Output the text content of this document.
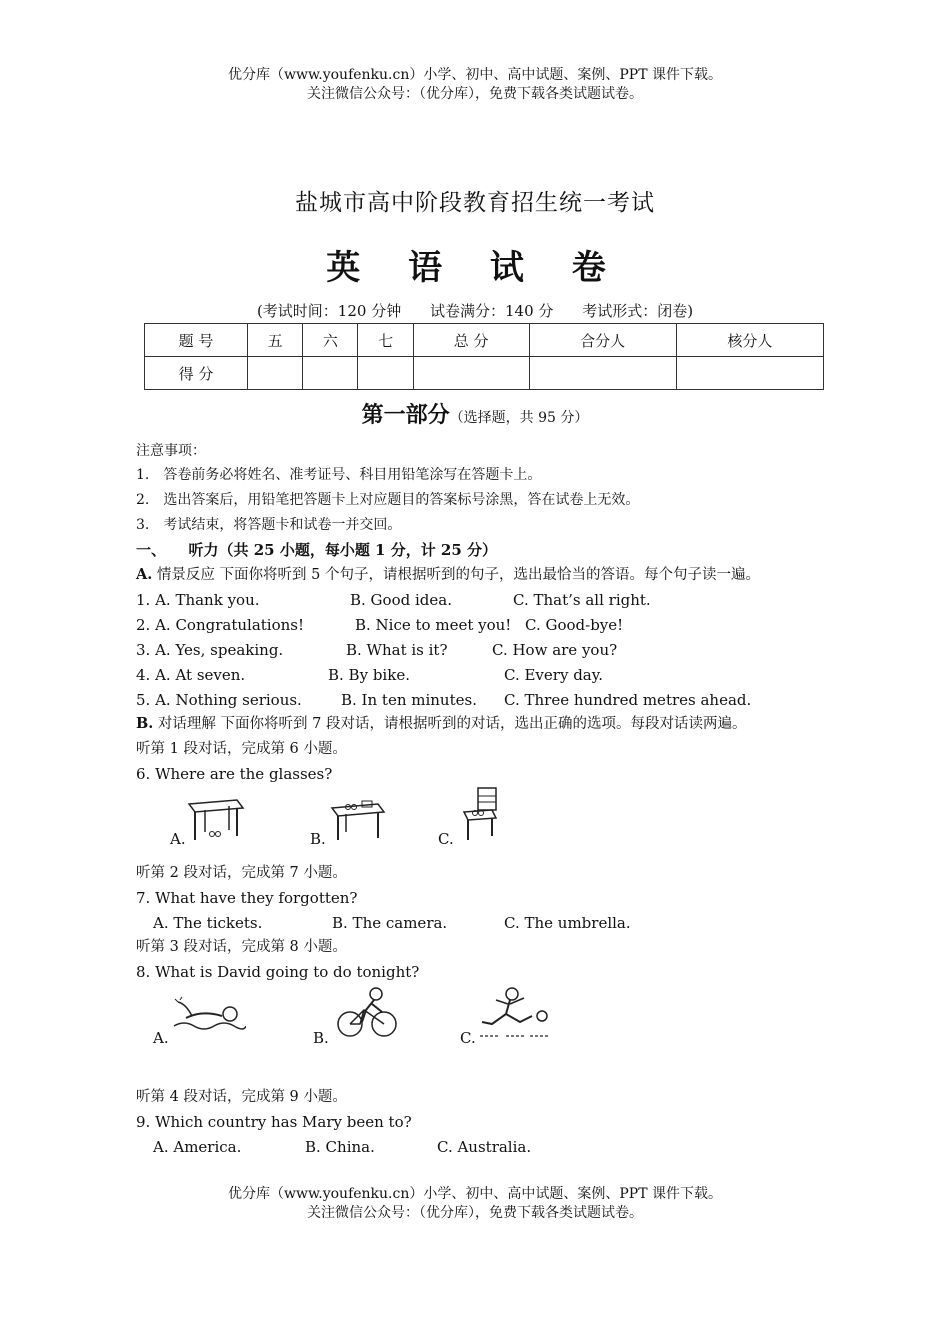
优分库（www.youfenku.cn）小学、初中、高中试题、案例、PPT 课件下载。
关注微信公众号：（优分库），免费下载各类试题试卷。
盐城市高中阶段教育招生统一考试
英 语 试 卷
(考试时间：120 分钟 试卷满分：140 分 考试形式：闭卷)
题 号	五	六	七	总 分	合分人	核分人
得 分						
第一部分（选择题，共 95 分）
注意事项：
1.　答卷前务必将姓名、准考证号、科目用铅笔涂写在答题卡上。
2.　选出答案后，用铅笔把答题卡上对应题目的答案标号涂黑，答在试卷上无效。
3.　考试结束，将答题卡和试卷一并交回。
一、　　听力（共 25 小题，每小题 1 分，计 25 分）
A. 情景反应 下面你将听到 5 个句子，请根据听到的句子，选出最恰当的答语。每个句子读一遍。
1. A. Thank you.	B. Good idea.	C. That’s all right.
2. A. Congratulations!	B. Nice to meet you! C. Good-bye!
3. A. Yes, speaking.	B. What is it?	C. How are you?
4. A. At seven.	B. By bike.	C. Every day.
5. A. Nothing serious.	B. In ten minutes. C. Three hundred metres ahead.
B. 对话理解 下面你将听到 7 段对话，请根据听到的对话，选出正确的选项。每段对话读两遍。
听第 1 段对话，完成第 6 小题。
6. Where are the glasses?
A.	B.	C.
听第 2 段对话，完成第 7 小题。
7. What have they forgotten?
A. The tickets.	B. The camera.	C. The umbrella.
听第 3 段对话，完成第 8 小题。
8. What is David going to do tonight?
A.	B.	C.
听第 4 段对话，完成第 9 小题。
9. Which country has Mary been to?
A. America.	B. China.	C. Australia.
优分库（www.youfenku.cn）小学、初中、高中试题、案例、PPT 课件下载。
关注微信公众号：（优分库），免费下载各类试题试卷。
